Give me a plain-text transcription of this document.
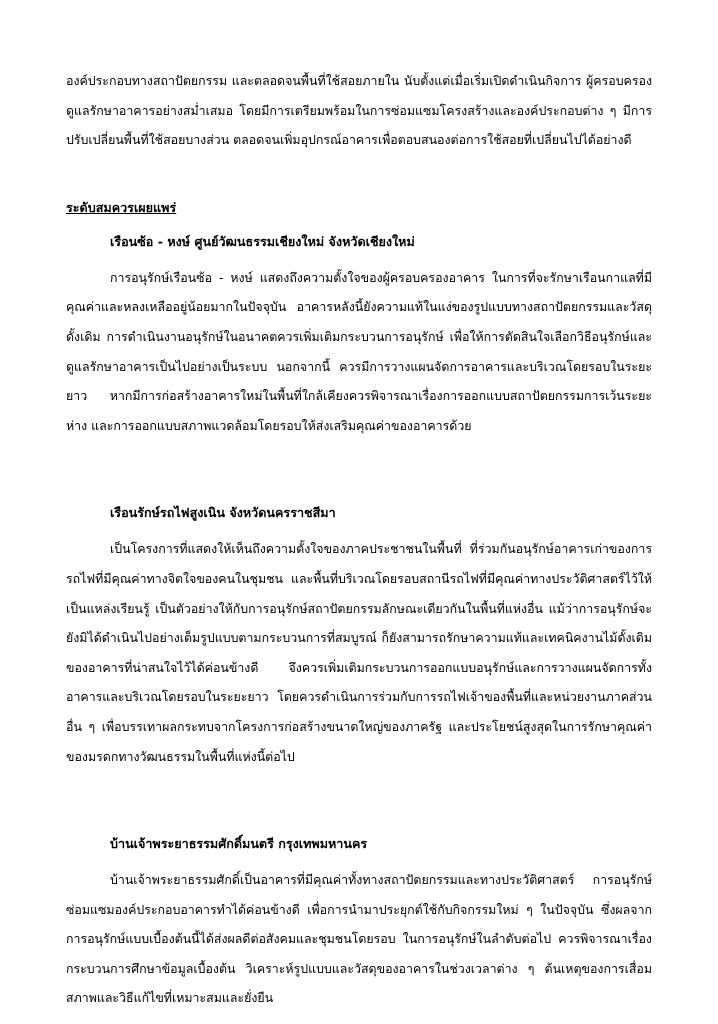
องค์ประกอบทางสถาปัตยกรรม และตลอดจนพื้นที่ใช้สอยภายใน นับตั้งแต่เมื่อเริ่มเปิดดำเนินกิจการ ผู้ครอบครองดูแลรักษาอาคารอย่างสม่ำเสมอ โดยมีการเตรียมพร้อมในการซ่อมแซมโครงสร้างและองค์ประกอบต่าง ๆ มีการปรับเปลี่ยนพื้นที่ใช้สอยบางส่วน ตลอดจนเพิ่มอุปกรณ์อาคารเพื่อตอบสนองต่อการใช้สอยที่เปลี่ยนไปได้อย่างดี

ระดับสมควรเผยแพร่
เรือนซ้อ - หงษ์ ศูนย์วัฒนธรรมเชียงใหม่ จังหวัดเชียงใหม่

การอนุรักษ์เรือนซ้อ - หงษ์ แสดงถึงความตั้งใจของผู้ครอบครองอาคาร ในการที่จะรักษาเรือนกาแลที่มีคุณค่าและหลงเหลืออยู่น้อยมากในปัจจุบัน อาคารหลังนี้ยังความแท้ในแง่ของรูปแบบทางสถาปัตยกรรมและวัสดุดั้งเดิม การดำเนินงานอนุรักษ์ในอนาคตควรเพิ่มเติมกระบวนการอนุรักษ์ เพื่อให้การตัดสินใจเลือกวิธีอนุรักษ์และดูแลรักษาอาคารเป็นไปอย่างเป็นระบบ นอกจากนี้ ควรมีการวางแผนจัดการอาคารและบริเวณโดยรอบในระยะยาว หากมีการก่อสร้างอาคารใหม่ในพื้นที่ใกล้เคียงควรพิจารณาเรื่องการออกแบบสถาปัตยกรรมการเว้นระยะห่าง และการออกแบบสภาพแวดล้อมโดยรอบให้ส่งเสริมคุณค่าของอาคารด้วย

เรือนรักษ์รถไฟสูงเนิน จังหวัดนครราชสีมา

เป็นโครงการที่แสดงให้เห็นถึงความตั้งใจของภาคประชาชนในพื้นที่ ที่ร่วมกันอนุรักษ์อาคารเก่าของการรถไฟที่มีคุณค่าทางจิตใจของคนในชุมชน และพื้นที่บริเวณโดยรอบสถานีรถไฟที่มีคุณค่าทางประวัติศาสตร์ไว้ให้เป็นแหล่งเรียนรู้ เป็นตัวอย่างให้กับการอนุรักษ์สถาปัตยกรรมลักษณะเดียวกันในพื้นที่แห่งอื่น แม้ว่าการอนุรักษ์จะยังมิได้ดำเนินไปอย่างเต็มรูปแบบตามกระบวนการที่สมบูรณ์ ก็ยังสามารถรักษาความแท้และเทคนิคงานไม้ดั้งเดิมของอาคารที่น่าสนใจไว้ได้ค่อนข้างดี จึงควรเพิ่มเติมกระบวนการออกแบบอนุรักษ์และการวางแผนจัดการทั้งอาคารและบริเวณโดยรอบในระยะยาว โดยควรดำเนินการร่วมกับการรถไฟเจ้าของพื้นที่และหน่วยงานภาคส่วนอื่น ๆ เพื่อบรรเทาผลกระทบจากโครงการก่อสร้างขนาดใหญ่ของภาครัฐ และประโยชน์สูงสุดในการรักษาคุณค่าของมรดกทางวัฒนธรรมในพื้นที่แห่งนี้ต่อไป

บ้านเจ้าพระยาธรรมศักดิ์มนตรี กรุงเทพมหานคร

บ้านเจ้าพระยาธรรมศักดิ์เป็นอาคารที่มีคุณค่าทั้งทางสถาปัตยกรรมและทางประวัติศาสตร์ การอนุรักษ์ซ่อมแซมองค์ประกอบอาคารทำได้ค่อนข้างดี เพื่อการนำมาประยุกต์ใช้กับกิจกรรมใหม่ ๆ ในปัจจุบัน ซึ่งผลจากการอนุรักษ์แบบเบื้องต้นนี้ได้ส่งผลดีต่อสังคมและชุมชนโดยรอบ ในการอนุรักษ์ในลำดับต่อไป ควรพิจารณาเรื่องกระบวนการศึกษาข้อมูลเบื้องต้น วิเคราะห์รูปแบบและวัสดุของอาคารในช่วงเวลาต่าง ๆ ต้นเหตุของการเสื่อมสภาพและวิธีแก้ไขที่เหมาะสมและยั่งยืน
